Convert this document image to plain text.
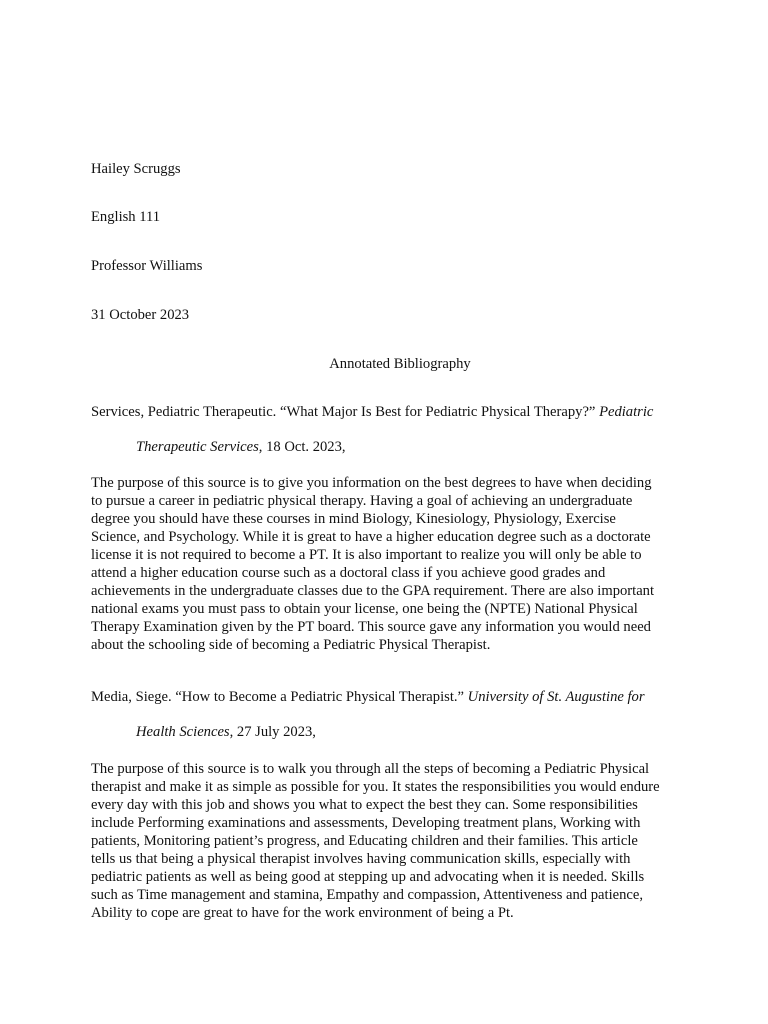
Hailey Scruggs
English 111
Professor Williams
31 October 2023
Annotated Bibliography
Services, Pediatric Therapeutic. “What Major Is Best for Pediatric Physical Therapy?” Pediatric
Therapeutic Services, 18 Oct. 2023,
The purpose of this source is to give you information on the best degrees to have when deciding
to pursue a career in pediatric physical therapy. Having a goal of achieving an undergraduate
degree you should have these courses in mind Biology, Kinesiology, Physiology, Exercise
Science, and Psychology. While it is great to have a higher education degree such as a doctorate
license it is not required to become a PT. It is also important to realize you will only be able to
attend a higher education course such as a doctoral class if you achieve good grades and
achievements in the undergraduate classes due to the GPA requirement. There are also important
national exams you must pass to obtain your license, one being the (NPTE) National Physical
Therapy Examination given by the PT board. This source gave any information you would need
about the schooling side of becoming a Pediatric Physical Therapist.
Media, Siege. “How to Become a Pediatric Physical Therapist.” University of St. Augustine for
Health Sciences, 27 July 2023,
The purpose of this source is to walk you through all the steps of becoming a Pediatric Physical
therapist and make it as simple as possible for you. It states the responsibilities you would endure
every day with this job and shows you what to expect the best they can. Some responsibilities
include Performing examinations and assessments, Developing treatment plans, Working with
patients, Monitoring patient’s progress, and Educating children and their families. This article
tells us that being a physical therapist involves having communication skills, especially with
pediatric patients as well as being good at stepping up and advocating when it is needed. Skills
such as Time management and stamina, Empathy and compassion, Attentiveness and patience,
Ability to cope are great to have for the work environment of being a Pt.
